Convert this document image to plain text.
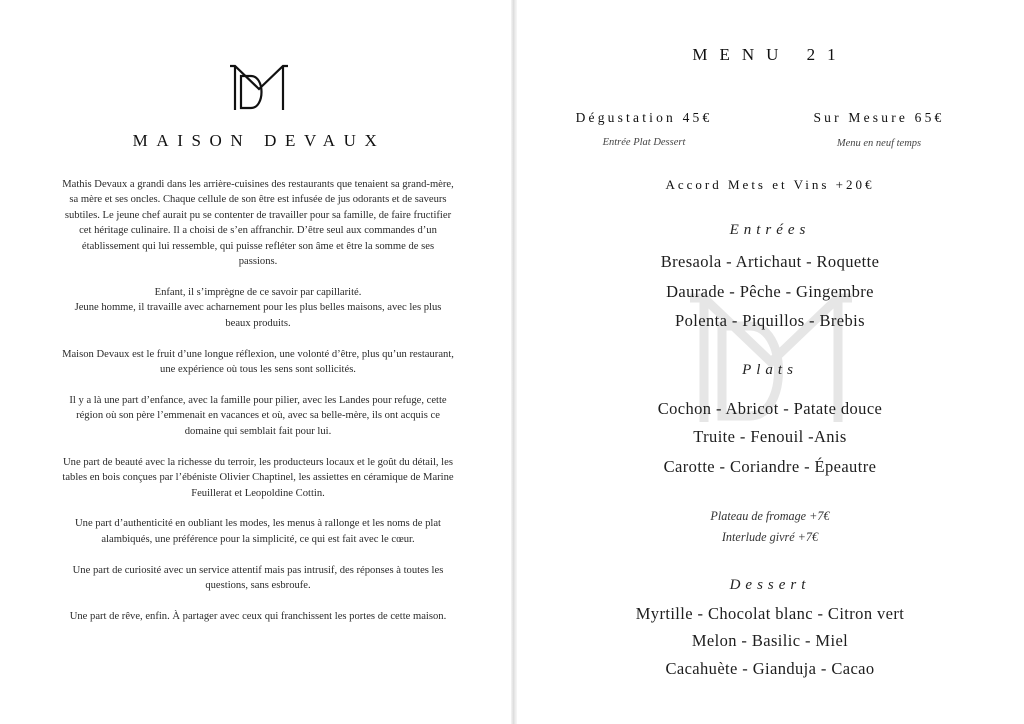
MAISON DEVAUX

Mathis Devaux a grandi dans les arrière-cuisines des restaurants que tenaient sa grand-mère, sa mère et ses oncles. Chaque cellule de son être est infusée de jus odorants et de saveurs subtiles. Le jeune chef aurait pu se contenter de travailler pour sa famille, de faire fructifier cet héritage culinaire. Il a choisi de s’en affranchir. D’être seul aux commandes d’un établissement qui lui ressemble, qui puisse refléter son âme et être la somme de ses passions.

Enfant, il s’imprègne de ce savoir par capillarité.
Jeune homme, il travaille avec acharnement pour les plus belles maisons, avec les plus beaux produits.

Maison Devaux est le fruit d’une longue réflexion, une volonté d’être, plus qu’un restaurant, une expérience où tous les sens sont sollicités.

Il y a là une part d’enfance, avec la famille pour pilier, avec les Landes pour refuge, cette région où son père l’emmenait en vacances et où, avec sa belle-mère, ils ont acquis ce domaine qui semblait fait pour lui.

Une part de beauté avec la richesse du terroir, les producteurs locaux et le goût du détail, les tables en bois conçues par l’ébéniste Olivier Chaptinel, les assiettes en céramique de Marine Feuillerat et Leopoldine Cottin.

Une part d’authenticité en oubliant les modes, les menus à rallonge et les noms de plat alambiqués, une préférence pour la simplicité, ce qui est fait avec le cœur.

Une part de curiosité avec un service attentif mais pas intrusif, des réponses à toutes les questions, sans esbroufe.

Une part de rêve, enfin. À partager avec ceux qui franchissent les portes de cette maison.

MENU 21
Dégustation 45€
Entrée Plat Dessert
Sur Mesure 65€
Menu en neuf temps
Accord Mets et Vins +20€
Entrées
Bresaola - Artichaut - Roquette
Daurade - Pêche - Gingembre
Polenta - Piquillos - Brebis
Plats
Cochon - Abricot - Patate douce
Truite - Fenouil -Anis
Carotte - Coriandre - Épeautre
Plateau de fromage +7€
Interlude givré +7€
Dessert
Myrtille - Chocolat blanc - Citron vert
Melon - Basilic - Miel
Cacahuète - Gianduja - Cacao
